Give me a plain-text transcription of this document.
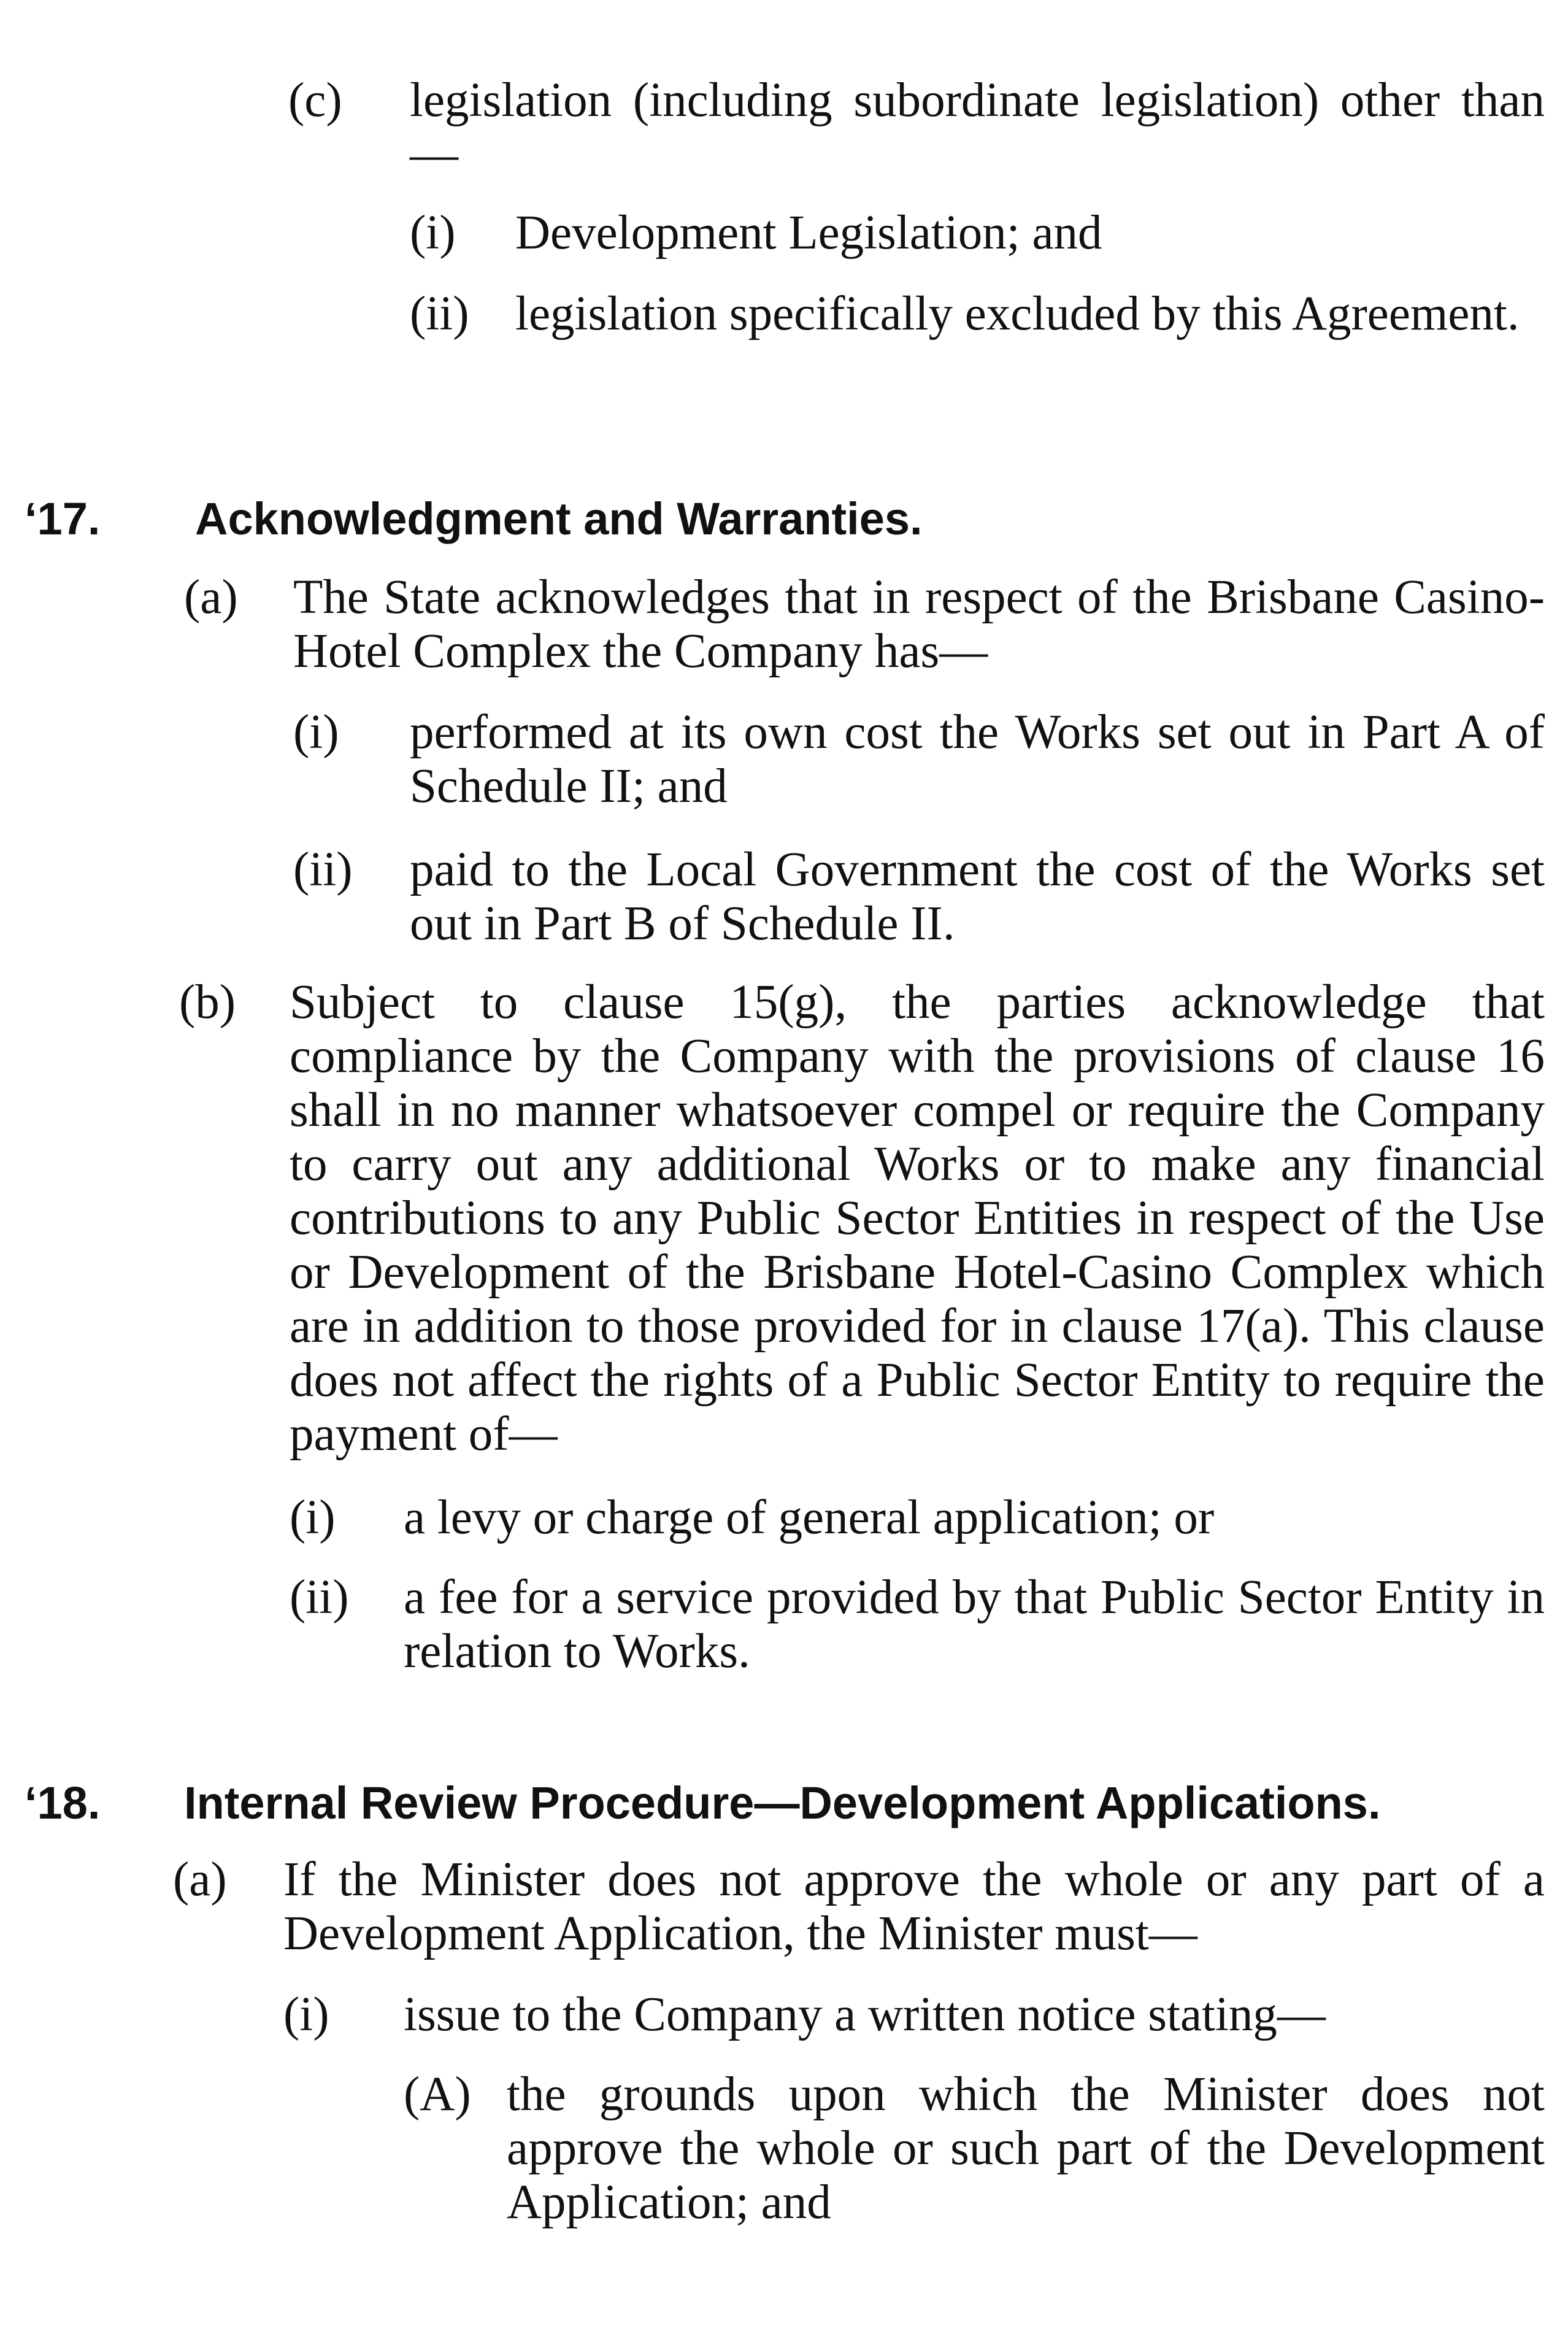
(c) legislation (including subordinate legislation) other than—
(i) Development Legislation; and
(ii) legislation specifically excluded by this Agreement.
‘17. Acknowledgment and Warranties.
(a) The State acknowledges that in respect of the Brisbane Casino-Hotel Complex the Company has—
(i) performed at its own cost the Works set out in Part A of Schedule II; and
(ii) paid to the Local Government the cost of the Works set out in Part B of Schedule II.
(b) Subject to clause 15(g), the parties acknowledge that compliance by the Company with the provisions of clause 16 shall in no manner whatsoever compel or require the Company to carry out any additional Works or to make any financial contributions to any Public Sector Entities in respect of the Use or Development of the Brisbane Hotel-Casino Complex which are in addition to those provided for in clause 17(a). This clause does not affect the rights of a Public Sector Entity to require the payment of—
(i) a levy or charge of general application; or
(ii) a fee for a service provided by that Public Sector Entity in relation to Works.
‘18. Internal Review Procedure—Development Applications.
(a) If the Minister does not approve the whole or any part of a Development Application, the Minister must—
(i) issue to the Company a written notice stating—
(A) the grounds upon which the Minister does not approve the whole or such part of the Development Application; and
